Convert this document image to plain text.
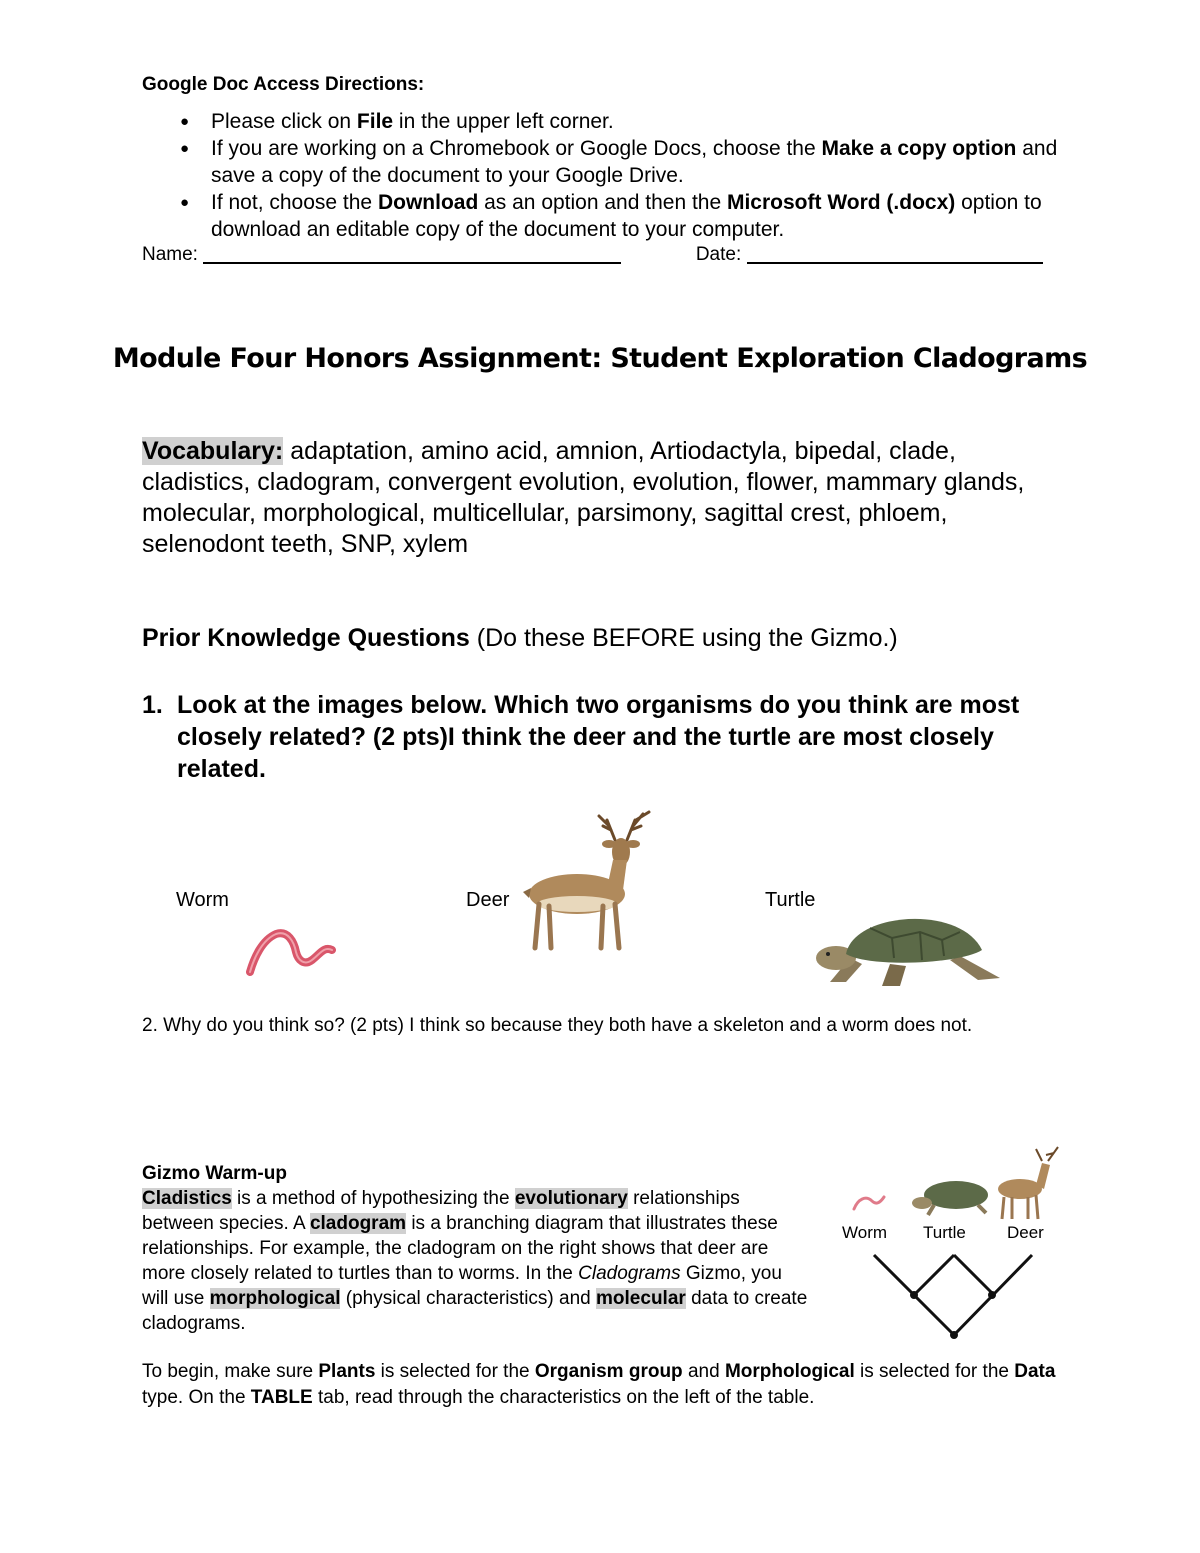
Google Doc Access Directions:
● Please click on File in the upper left corner.
● If you are working on a Chromebook or Google Docs, choose the Make a copy option and save a copy of the document to your Google Drive.
● If not, choose the Download as an option and then the Microsoft Word (.docx) option to download an editable copy of the document to your computer.
Name:	Date:
Module Four Honors Assignment: Student Exploration Cladograms
Vocabulary: adaptation, amino acid, amnion, Artiodactyla, bipedal, clade, cladistics, cladogram, convergent evolution, evolution, flower, mammary glands, molecular, morphological, multicellular, parsimony, sagittal crest, phloem, selenodont teeth, SNP, xylem
Prior Knowledge Questions (Do these BEFORE using the Gizmo.)
1. Look at the images below. Which two organisms do you think are most closely related? (2 pts)I think the deer and the turtle are most closely related.
Worm	Deer	Turtle
2. Why do you think so? (2 pts) I think so because they both have a skeleton and a worm does not.
Gizmo Warm-up
Cladistics is a method of hypothesizing the evolutionary relationships between species. A cladogram is a branching diagram that illustrates these relationships. For example, the cladogram on the right shows that deer are more closely related to turtles than to worms. In the Cladograms Gizmo, you will use morphological (physical characteristics) and molecular data to create cladograms.
Worm Turtle Deer
To begin, make sure Plants is selected for the Organism group and Morphological is selected for the Data type. On the TABLE tab, read through the characteristics on the left of the table.
